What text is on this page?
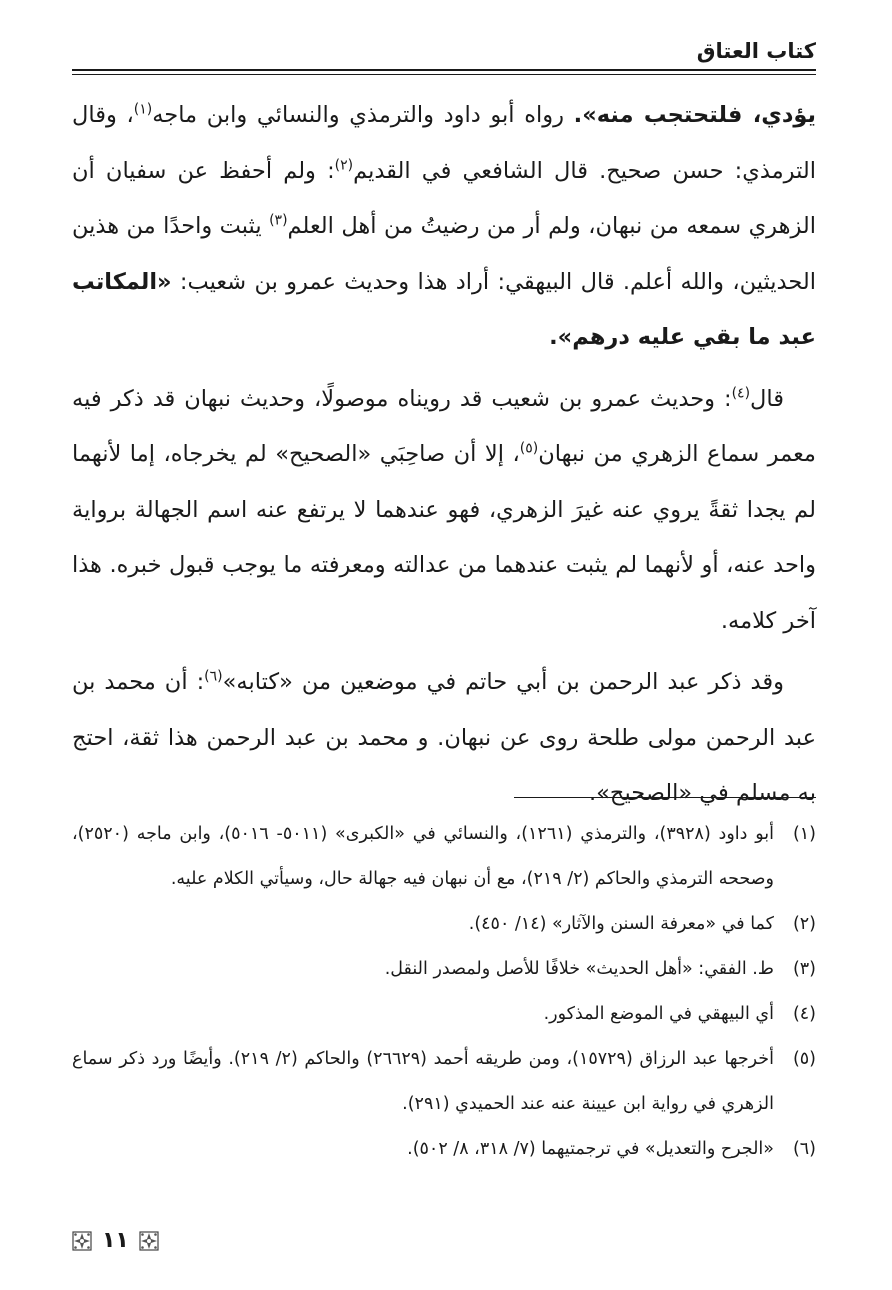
كتاب العتاق

يؤدي، فلتحتجب منه». رواه أبو داود والترمذي والنسائي وابن ماجه$^{(١)}$، وقال الترمذي: حسن صحيح. قال الشافعي في القديم$^{(٢)}$: ولم أحفظ عن سفيان أن الزهري سمعه من نبهان، ولم أر من رضيتُ من أهل العلم$^{(٣)}$ يثبت واحدًا من هذين الحديثين، والله أعلم. قال البيهقي: أراد هذا وحديث عمرو بن شعيب: «المكاتب عبد ما بقي عليه درهم».

قال$^{(٤)}$: وحديث عمرو بن شعيب قد رويناه موصولًا، وحديث نبهان قد ذكر فيه معمر سماع الزهري من نبهان$^{(٥)}$، إلا أن صاحِبَي «الصحيح» لم يخرجاه، إما لأنهما لم يجدا ثقةً يروي عنه غيرَ الزهري، فهو عندهما لا يرتفع عنه اسم الجهالة برواية واحد عنه، أو لأنهما لم يثبت عندهما من عدالته ومعرفته ما يوجب قبول خبره. هذا آخر كلامه.

وقد ذكر عبد الرحمن بن أبي حاتم في موضعين من «كتابه»$^{(٦)}$: أن محمد بن عبد الرحمن مولى طلحة روى عن نبهان. و محمد بن عبد الرحمن هذا ثقة، احتج به مسلم في «الصحيح».

(١)
أبو داود (٣٩٢٨)، والترمذي (١٢٦١)، والنسائي في «الكبرى» (٥٠١١- ٥٠١٦)، وابن ماجه (٢٥٢٠)، وصححه الترمذي والحاكم (٢/ ٢١٩)، مع أن نبهان فيه جهالة حال، وسيأتي الكلام عليه.
(٢)
كما في «معرفة السنن والآثار» (١٤/ ٤٥٠).
(٣)
ط. الفقي: «أهل الحديث» خلافًا للأصل ولمصدر النقل.
(٤)
أي البيهقي في الموضع المذكور.
(٥)
أخرجها عبد الرزاق (١٥٧٢٩)، ومن طريقه أحمد (٢٦٦٢٩) والحاكم (٢/ ٢١٩). وأيضًا ورد ذكر سماع الزهري في رواية ابن عيينة عنه عند الحميدي (٢٩١).
(٦)
«الجرح والتعديل» في ترجمتيهما (٧/ ٣١٨، ٨/ ٥٠٢).
١١
